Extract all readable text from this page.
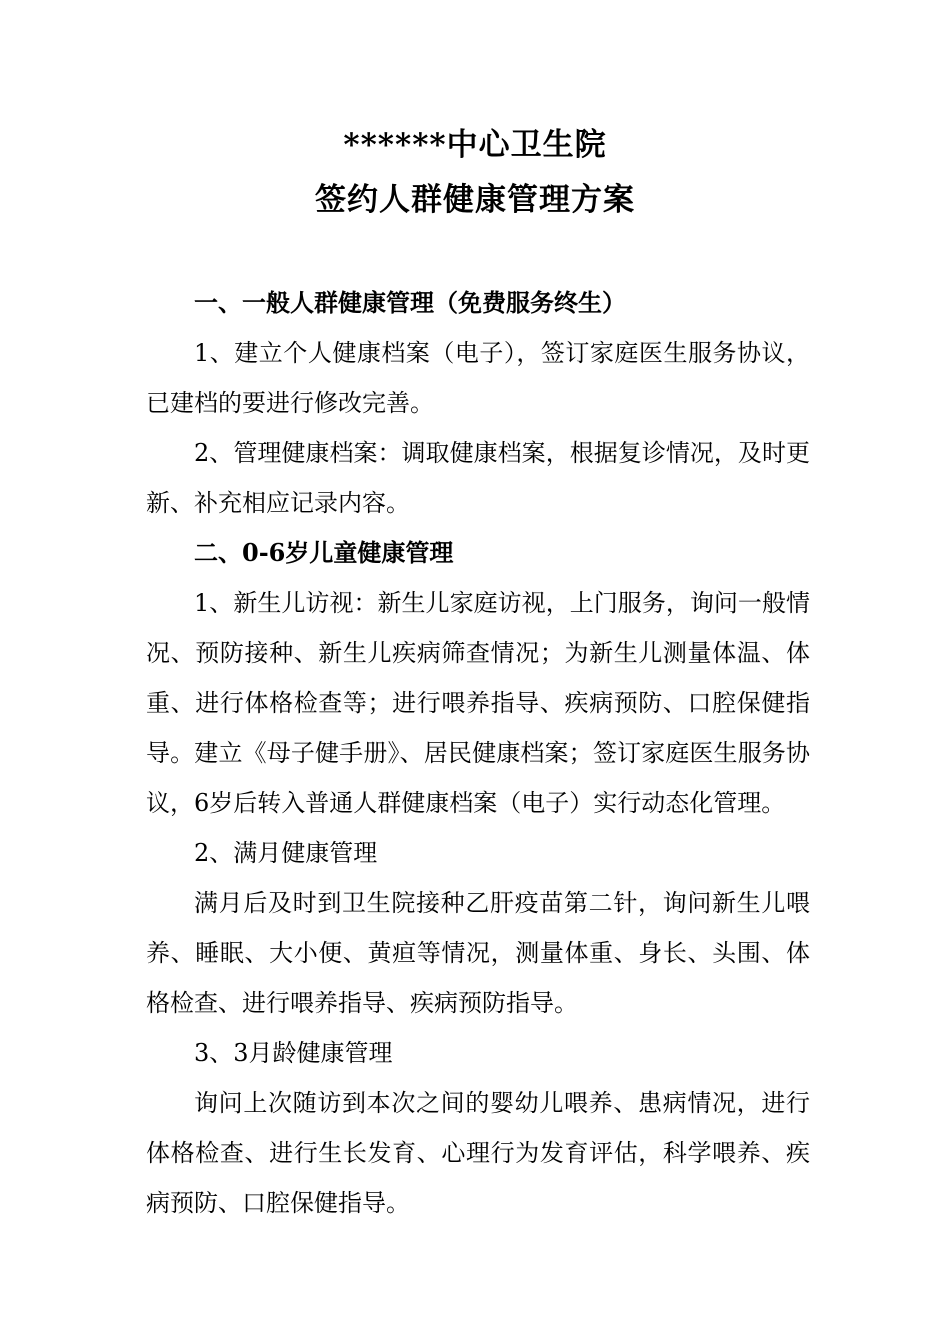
******中心卫生院
签约人群健康管理方案

一、一般人群健康管理（免费服务终生）

1、建立个人健康档案（电子），签订家庭医生服务协议，已建档的要进行修改完善。

2、管理健康档案：调取健康档案，根据复诊情况，及时更新、补充相应记录内容。

二、0-6岁儿童健康管理

1、新生儿访视：新生儿家庭访视，上门服务，询问一般情况、预防接种、新生儿疾病筛查情况；为新生儿测量体温、体重、进行体格检查等；进行喂养指导、疾病预防、口腔保健指导。建立《母子健手册》、居民健康档案；签订家庭医生服务协议，6岁后转入普通人群健康档案（电子）实行动态化管理。

2、满月健康管理

满月后及时到卫生院接种乙肝疫苗第二针，询问新生儿喂养、睡眠、大小便、黄疸等情况，测量体重、身长、头围、体格检查、进行喂养指导、疾病预防指导。

3、3月龄健康管理

询问上次随访到本次之间的婴幼儿喂养、患病情况，进行体格检查、进行生长发育、心理行为发育评估，科学喂养、疾病预防、口腔保健指导。
